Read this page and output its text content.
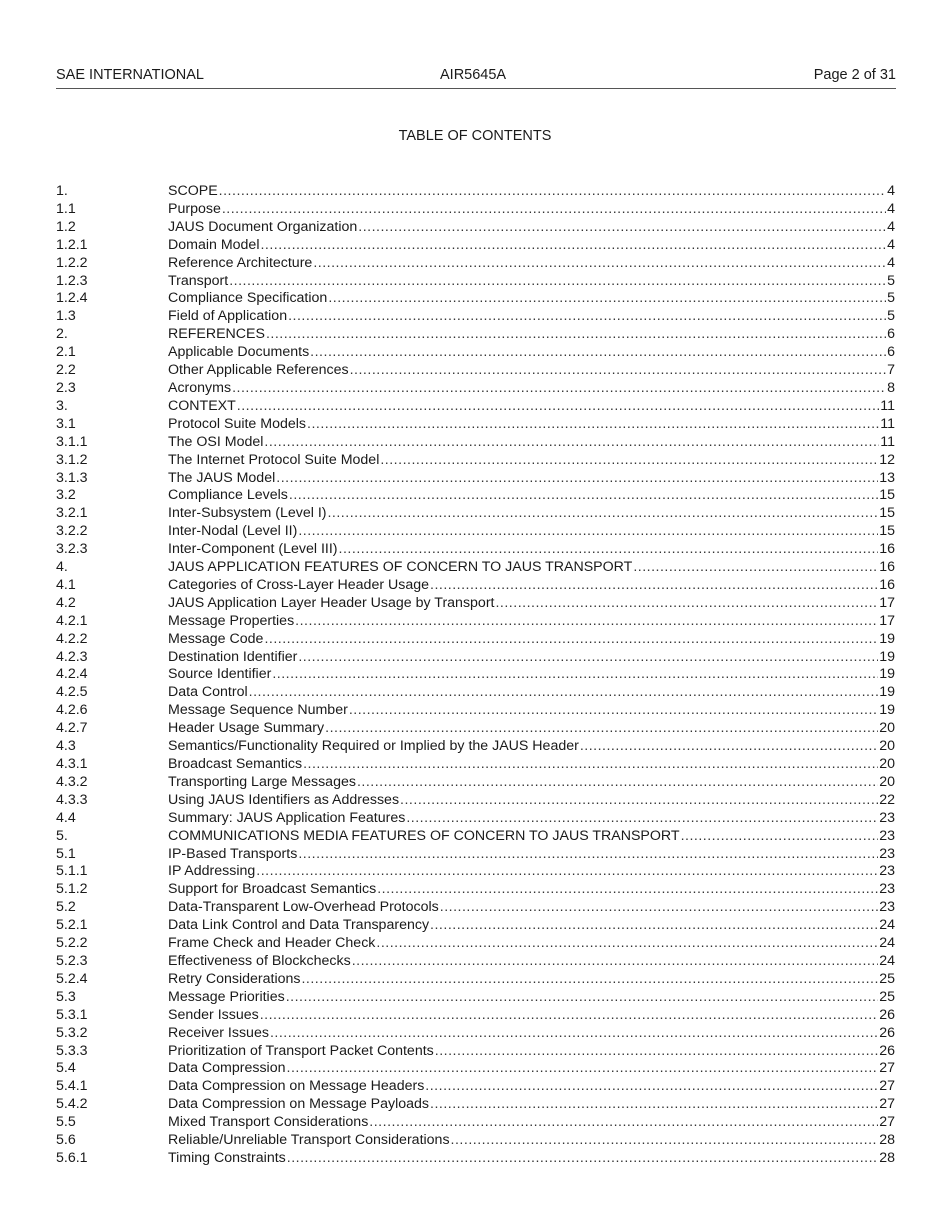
SAE INTERNATIONAL	AIR5645A	Page 2 of 31
TABLE OF CONTENTS
1.	SCOPE .....	4
1.1	Purpose .....	4
1.2	JAUS Document Organization .....	4
1.2.1	Domain Model .....	4
1.2.2	Reference Architecture .....	4
1.2.3	Transport .....	5
1.2.4	Compliance Specification .....	5
1.3	Field of Application .....	5
2.	REFERENCES .....	6
2.1	Applicable Documents .....	6
2.2	Other Applicable References .....	7
2.3	Acronyms .....	8
3.	CONTEXT .....	11
3.1	Protocol Suite Models .....	11
3.1.1	The OSI Model .....	11
3.1.2	The Internet Protocol Suite Model .....	12
3.1.3	The JAUS Model .....	13
3.2	Compliance Levels .....	15
3.2.1	Inter-Subsystem (Level I) .....	15
3.2.2	Inter-Nodal (Level II) .....	15
3.2.3	Inter-Component (Level III) .....	16
4.	JAUS APPLICATION FEATURES OF CONCERN TO JAUS TRANSPORT .....	16
4.1	Categories of Cross-Layer Header Usage .....	16
4.2	JAUS Application Layer Header Usage by Transport .....	17
4.2.1	Message Properties .....	17
4.2.2	Message Code .....	19
4.2.3	Destination Identifier .....	19
4.2.4	Source Identifier .....	19
4.2.5	Data Control .....	19
4.2.6	Message Sequence Number .....	19
4.2.7	Header Usage Summary .....	20
4.3	Semantics/Functionality Required or Implied by the JAUS Header .....	20
4.3.1	Broadcast Semantics .....	20
4.3.2	Transporting Large Messages .....	20
4.3.3	Using JAUS Identifiers as Addresses .....	22
4.4	Summary: JAUS Application Features .....	23
5.	COMMUNICATIONS MEDIA FEATURES OF CONCERN TO JAUS TRANSPORT .....	23
5.1	IP-Based Transports .....	23
5.1.1	IP Addressing .....	23
5.1.2	Support for Broadcast Semantics .....	23
5.2	Data-Transparent Low-Overhead Protocols .....	23
5.2.1	Data Link Control and Data Transparency .....	24
5.2.2	Frame Check and Header Check .....	24
5.2.3	Effectiveness of Blockchecks .....	24
5.2.4	Retry Considerations .....	25
5.3	Message Priorities .....	25
5.3.1	Sender Issues .....	26
5.3.2	Receiver Issues .....	26
5.3.3	Prioritization of Transport Packet Contents .....	26
5.4	Data Compression .....	27
5.4.1	Data Compression on Message Headers .....	27
5.4.2	Data Compression on Message Payloads .....	27
5.5	Mixed Transport Considerations .....	27
5.6	Reliable/Unreliable Transport Considerations .....	28
5.6.1	Timing Constraints .....	28
